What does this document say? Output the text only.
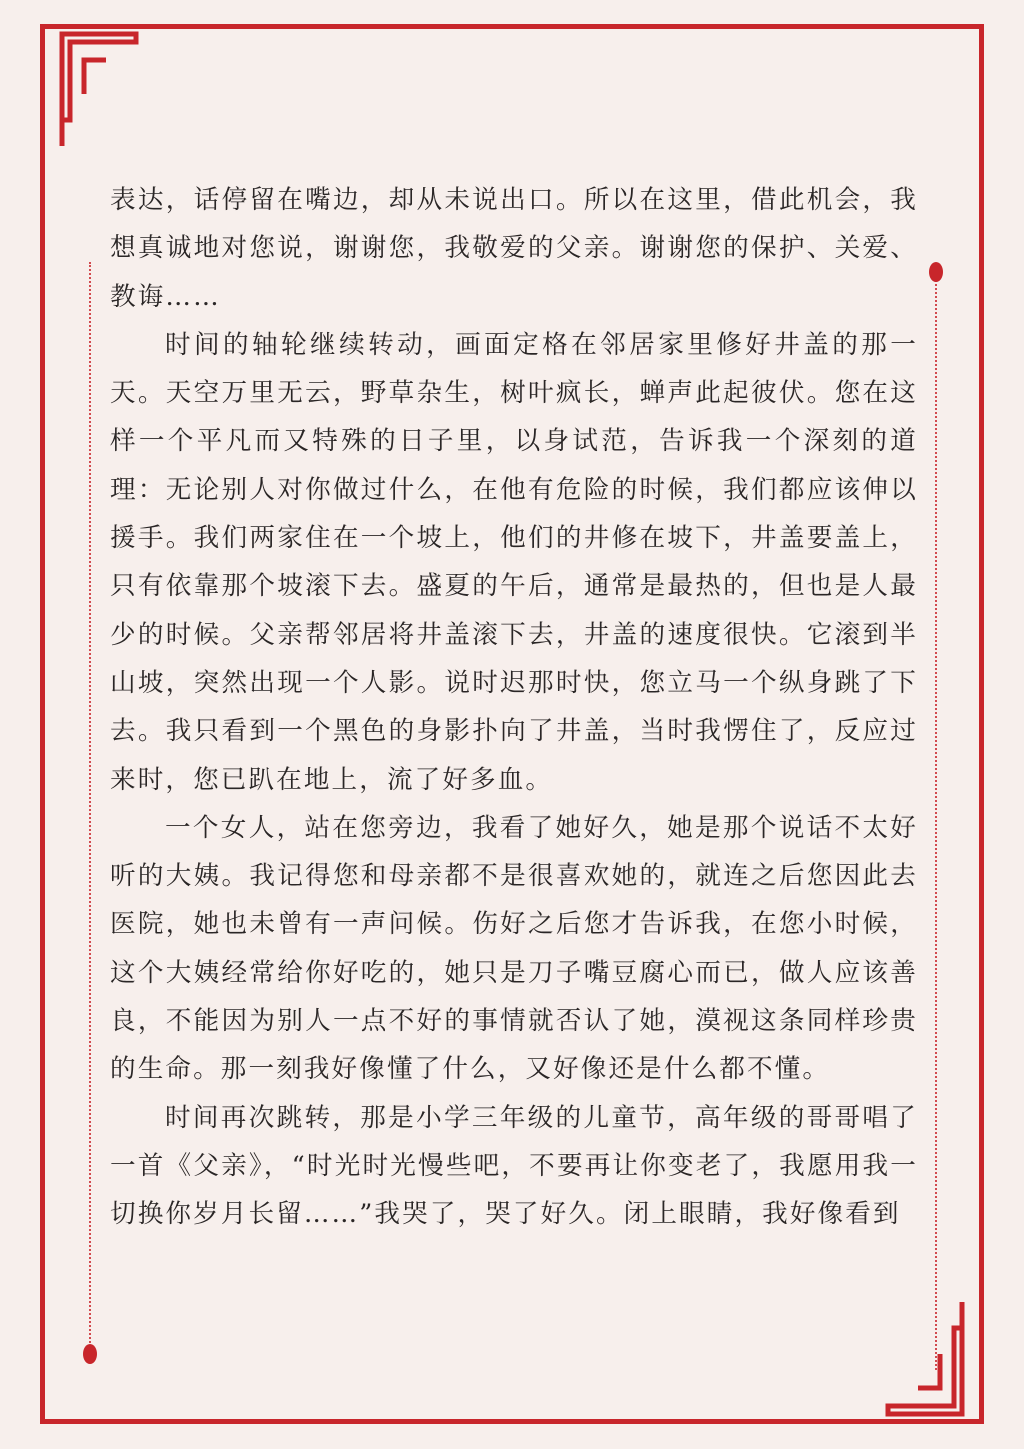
表达，话停留在嘴边，却从未说出口。所以在这里，借此机会，我想真诚地对您说，谢谢您，我敬爱的父亲。谢谢您的保护、关爱、教诲……

时间的轴轮继续转动，画面定格在邻居家里修好井盖的那一天。天空万里无云，野草杂生，树叶疯长，蝉声此起彼伏。您在这样一个平凡而又特殊的日子里，以身试范，告诉我一个深刻的道理：无论别人对你做过什么，在他有危险的时候，我们都应该伸以援手。我们两家住在一个坡上，他们的井修在坡下，井盖要盖上，只有依靠那个坡滚下去。盛夏的午后，通常是最热的，但也是人最少的时候。父亲帮邻居将井盖滚下去，井盖的速度很快。它滚到半山坡，突然出现一个人影。说时迟那时快，您立马一个纵身跳了下去。我只看到一个黑色的身影扑向了井盖，当时我愣住了，反应过来时，您已趴在地上，流了好多血。

一个女人，站在您旁边，我看了她好久，她是那个说话不太好听的大姨。我记得您和母亲都不是很喜欢她的，就连之后您因此去医院，她也未曾有一声问候。伤好之后您才告诉我，在您小时候，这个大姨经常给你好吃的，她只是刀子嘴豆腐心而已，做人应该善良，不能因为别人一点不好的事情就否认了她，漠视这条同样珍贵的生命。那一刻我好像懂了什么，又好像还是什么都不懂。

时间再次跳转，那是小学三年级的儿童节，高年级的哥哥唱了一首《父亲》，“时光时光慢些吧，不要再让你变老了，我愿用我一切换你岁月长留……”我哭了，哭了好久。闭上眼睛，我好像看到
